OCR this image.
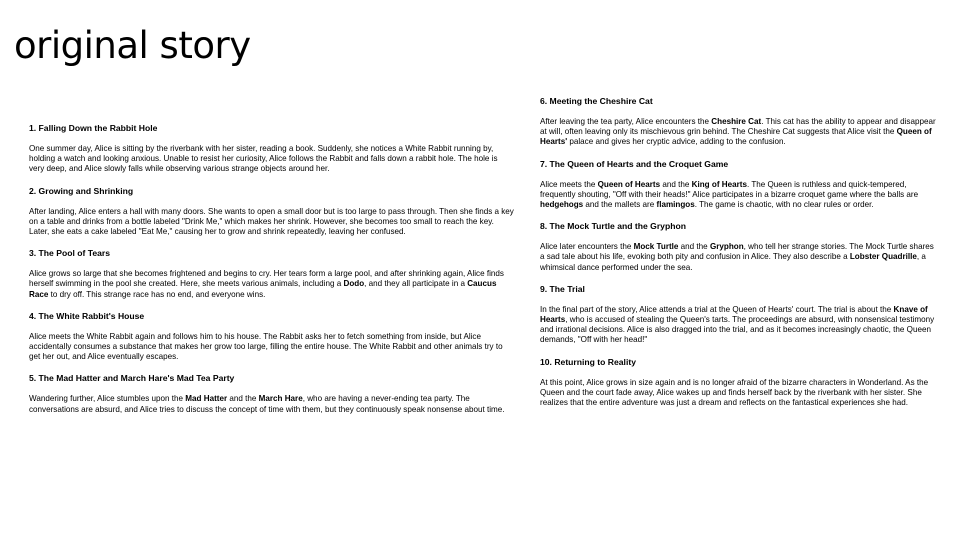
original story
1. Falling Down the Rabbit Hole

One summer day, Alice is sitting by the riverbank with her sister, reading a book. Suddenly, she notices a White Rabbit running by, holding a watch and looking anxious. Unable to resist her curiosity, Alice follows the Rabbit and falls down a rabbit hole. The hole is very deep, and Alice slowly falls while observing various strange objects around her.

2. Growing and Shrinking

After landing, Alice enters a hall with many doors. She wants to open a small door but is too large to pass through. Then she finds a key on a table and drinks from a bottle labeled "Drink Me," which makes her shrink. However, she becomes too small to reach the key. Later, she eats a cake labeled "Eat Me," causing her to grow and shrink repeatedly, leaving her confused.

3. The Pool of Tears

Alice grows so large that she becomes frightened and begins to cry. Her tears form a large pool, and after shrinking again, Alice finds herself swimming in the pool she created. Here, she meets various animals, including a Dodo, and they all participate in a Caucus Race to dry off. This strange race has no end, and everyone wins.

4. The White Rabbit's House

Alice meets the White Rabbit again and follows him to his house. The Rabbit asks her to fetch something from inside, but Alice accidentally consumes a substance that makes her grow too large, filling the entire house. The White Rabbit and other animals try to get her out, and Alice eventually escapes.

5. The Mad Hatter and March Hare's Mad Tea Party

Wandering further, Alice stumbles upon the Mad Hatter and the March Hare, who are having a never-ending tea party. The conversations are absurd, and Alice tries to discuss the concept of time with them, but they continuously speak nonsense about time.

6. Meeting the Cheshire Cat

After leaving the tea party, Alice encounters the Cheshire Cat. This cat has the ability to appear and disappear at will, often leaving only its mischievous grin behind. The Cheshire Cat suggests that Alice visit the Queen of Hearts' palace and gives her cryptic advice, adding to the confusion.

7. The Queen of Hearts and the Croquet Game

Alice meets the Queen of Hearts and the King of Hearts. The Queen is ruthless and quick-tempered, frequently shouting, "Off with their heads!" Alice participates in a bizarre croquet game where the balls are hedgehogs and the mallets are flamingos. The game is chaotic, with no clear rules or order.

8. The Mock Turtle and the Gryphon

Alice later encounters the Mock Turtle and the Gryphon, who tell her strange stories. The Mock Turtle shares a sad tale about his life, evoking both pity and confusion in Alice. They also describe a Lobster Quadrille, a whimsical dance performed under the sea.

9. The Trial

In the final part of the story, Alice attends a trial at the Queen of Hearts' court. The trial is about the Knave of Hearts, who is accused of stealing the Queen's tarts. The proceedings are absurd, with nonsensical testimony and irrational decisions. Alice is also dragged into the trial, and as it becomes increasingly chaotic, the Queen demands, "Off with her head!"

10. Returning to Reality

At this point, Alice grows in size again and is no longer afraid of the bizarre characters in Wonderland. As the Queen and the court fade away, Alice wakes up and finds herself back by the riverbank with her sister. She realizes that the entire adventure was just a dream and reflects on the fantastical experiences she had.
